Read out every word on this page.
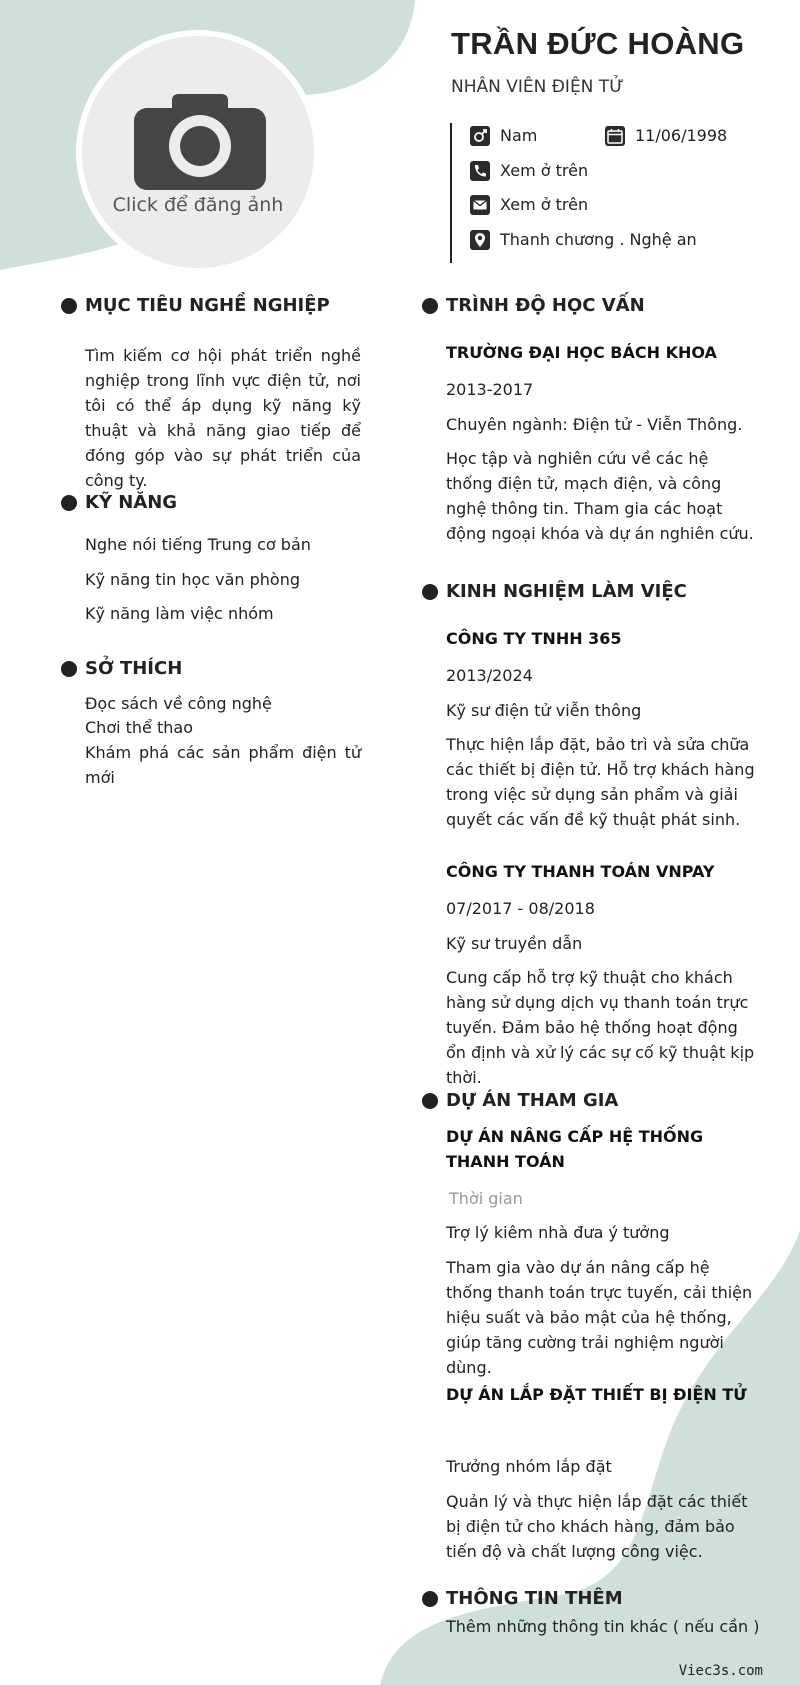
Click để đăng ảnh
TRẦN ĐỨC HOÀNG
NHÂN VIÊN ĐIỆN TỬ
Nam	11/06/1998
Xem ở trên
Xem ở trên
Thanh chương . Nghệ an
MỤC TIÊU NGHỀ NGHIỆP
Tìm kiếm cơ hội phát triển nghề nghiệp trong lĩnh vực điện tử, nơi tôi có thể áp dụng kỹ năng kỹ thuật và khả năng giao tiếp để đóng góp vào sự phát triển của công ty.
KỸ NĂNG
Nghe nói tiếng Trung cơ bản
Kỹ năng tin học văn phòng
Kỹ năng làm việc nhóm
SỞ THÍCH
Đọc sách về công nghệ
Chơi thể thao
Khám phá các sản phẩm điện tử mới
TRÌNH ĐỘ HỌC VẤN
TRƯỜNG ĐẠI HỌC BÁCH KHOA
2013-2017
Chuyên ngành: Điện tử - Viễn Thông.
Học tập và nghiên cứu về các hệ thống điện tử, mạch điện, và công nghệ thông tin. Tham gia các hoạt động ngoại khóa và dự án nghiên cứu.
KINH NGHIỆM LÀM VIỆC
CÔNG TY TNHH 365
2013/2024
Kỹ sư điện tử viễn thông
Thực hiện lắp đặt, bảo trì và sửa chữa các thiết bị điện tử. Hỗ trợ khách hàng trong việc sử dụng sản phẩm và giải quyết các vấn đề kỹ thuật phát sinh.
CÔNG TY THANH TOÁN VNPAY
07/2017 - 08/2018
Kỹ sư truyền dẫn
Cung cấp hỗ trợ kỹ thuật cho khách hàng sử dụng dịch vụ thanh toán trực tuyến. Đảm bảo hệ thống hoạt động ổn định và xử lý các sự cố kỹ thuật kịp thời.
DỰ ÁN THAM GIA
DỰ ÁN NÂNG CẤP HỆ THỐNG THANH TOÁN
Thời gian
Trợ lý kiêm nhà đưa ý tưởng
Tham gia vào dự án nâng cấp hệ thống thanh toán trực tuyến, cải thiện hiệu suất và bảo mật của hệ thống, giúp tăng cường trải nghiệm người dùng.
DỰ ÁN LẮP ĐẶT THIẾT BỊ ĐIỆN TỬ
Trưởng nhóm lắp đặt
Quản lý và thực hiện lắp đặt các thiết bị điện tử cho khách hàng, đảm bảo tiến độ và chất lượng công việc.
THÔNG TIN THÊM
Thêm những thông tin khác ( nếu cần )
Viec3s.com
